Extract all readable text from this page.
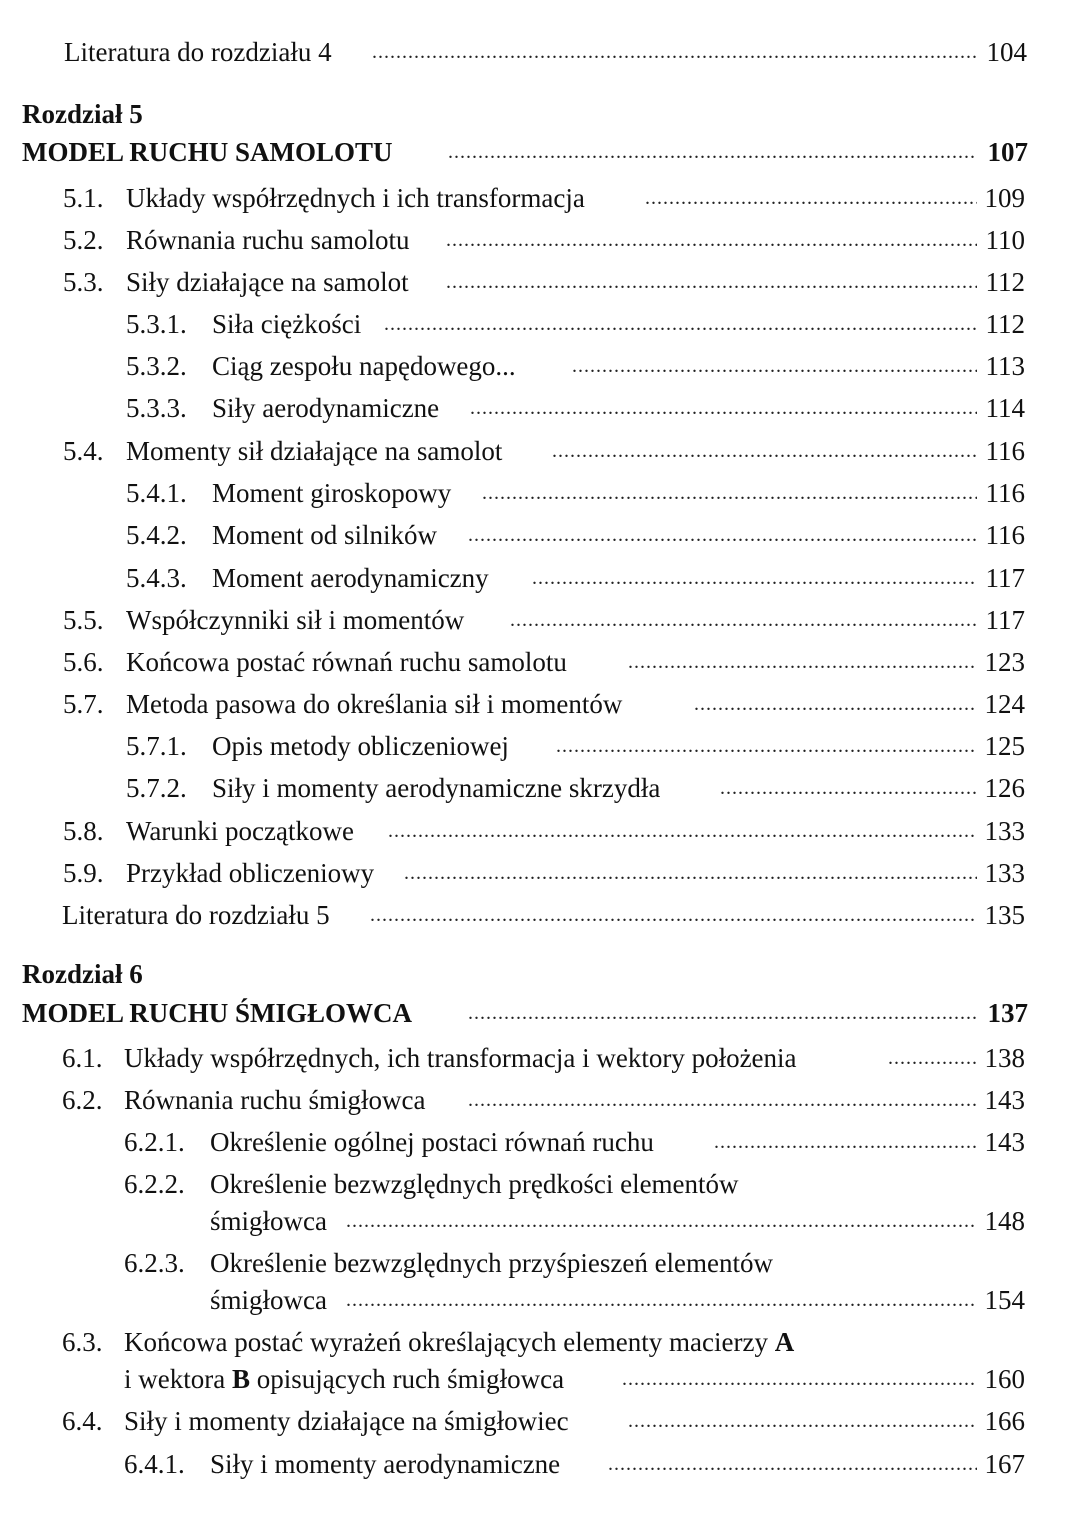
Literatura do rozdziału 4 .....	104
Rozdział 5
MODEL RUCHU SAMOLOTU .....	107
5.1. Układy współrzędnych i ich transformacja .....	109
5.2. Równania ruchu samolotu .....	110
5.3. Siły działające na samolot .....	112
5.3.1. Siła ciężkości .....	112
5.3.2. Ciąg zespołu napędowego... .....	113
5.3.3. Siły aerodynamiczne .....	114
5.4. Momenty sił działające na samolot .....	116
5.4.1. Moment giroskopowy .....	116
5.4.2. Moment od silników .....	116
5.4.3. Moment aerodynamiczny .....	117
5.5. Współczynniki sił i momentów .....	117
5.6. Końcowa postać równań ruchu samolotu .....	123
5.7. Metoda pasowa do określania sił i momentów .....	124
5.7.1. Opis metody obliczeniowej .....	125
5.7.2. Siły i momenty aerodynamiczne skrzydła .....	126
5.8. Warunki początkowe .....	133
5.9. Przykład obliczeniowy .....	133
Literatura do rozdziału 5 .....	135
Rozdział 6
MODEL RUCHU ŚMIGŁOWCA .....	137
6.1. Układy współrzędnych, ich transformacja i wektory położenia .....	138
6.2. Równania ruchu śmigłowca .....	143
6.2.1. Określenie ogólnej postaci równań ruchu .....	143
6.2.2. Określenie bezwzględnych prędkości elementów
śmigłowca .....	148
6.2.3. Określenie bezwzględnych przyśpieszeń elementów
śmigłowca .....	154
6.3. Końcowa postać wyrażeń określających elementy macierzy A
i wektora B opisujących ruch śmigłowca .....	160
6.4. Siły i momenty działające na śmigłowiec .....	166
6.4.1. Siły i momenty aerodynamiczne .....	167
